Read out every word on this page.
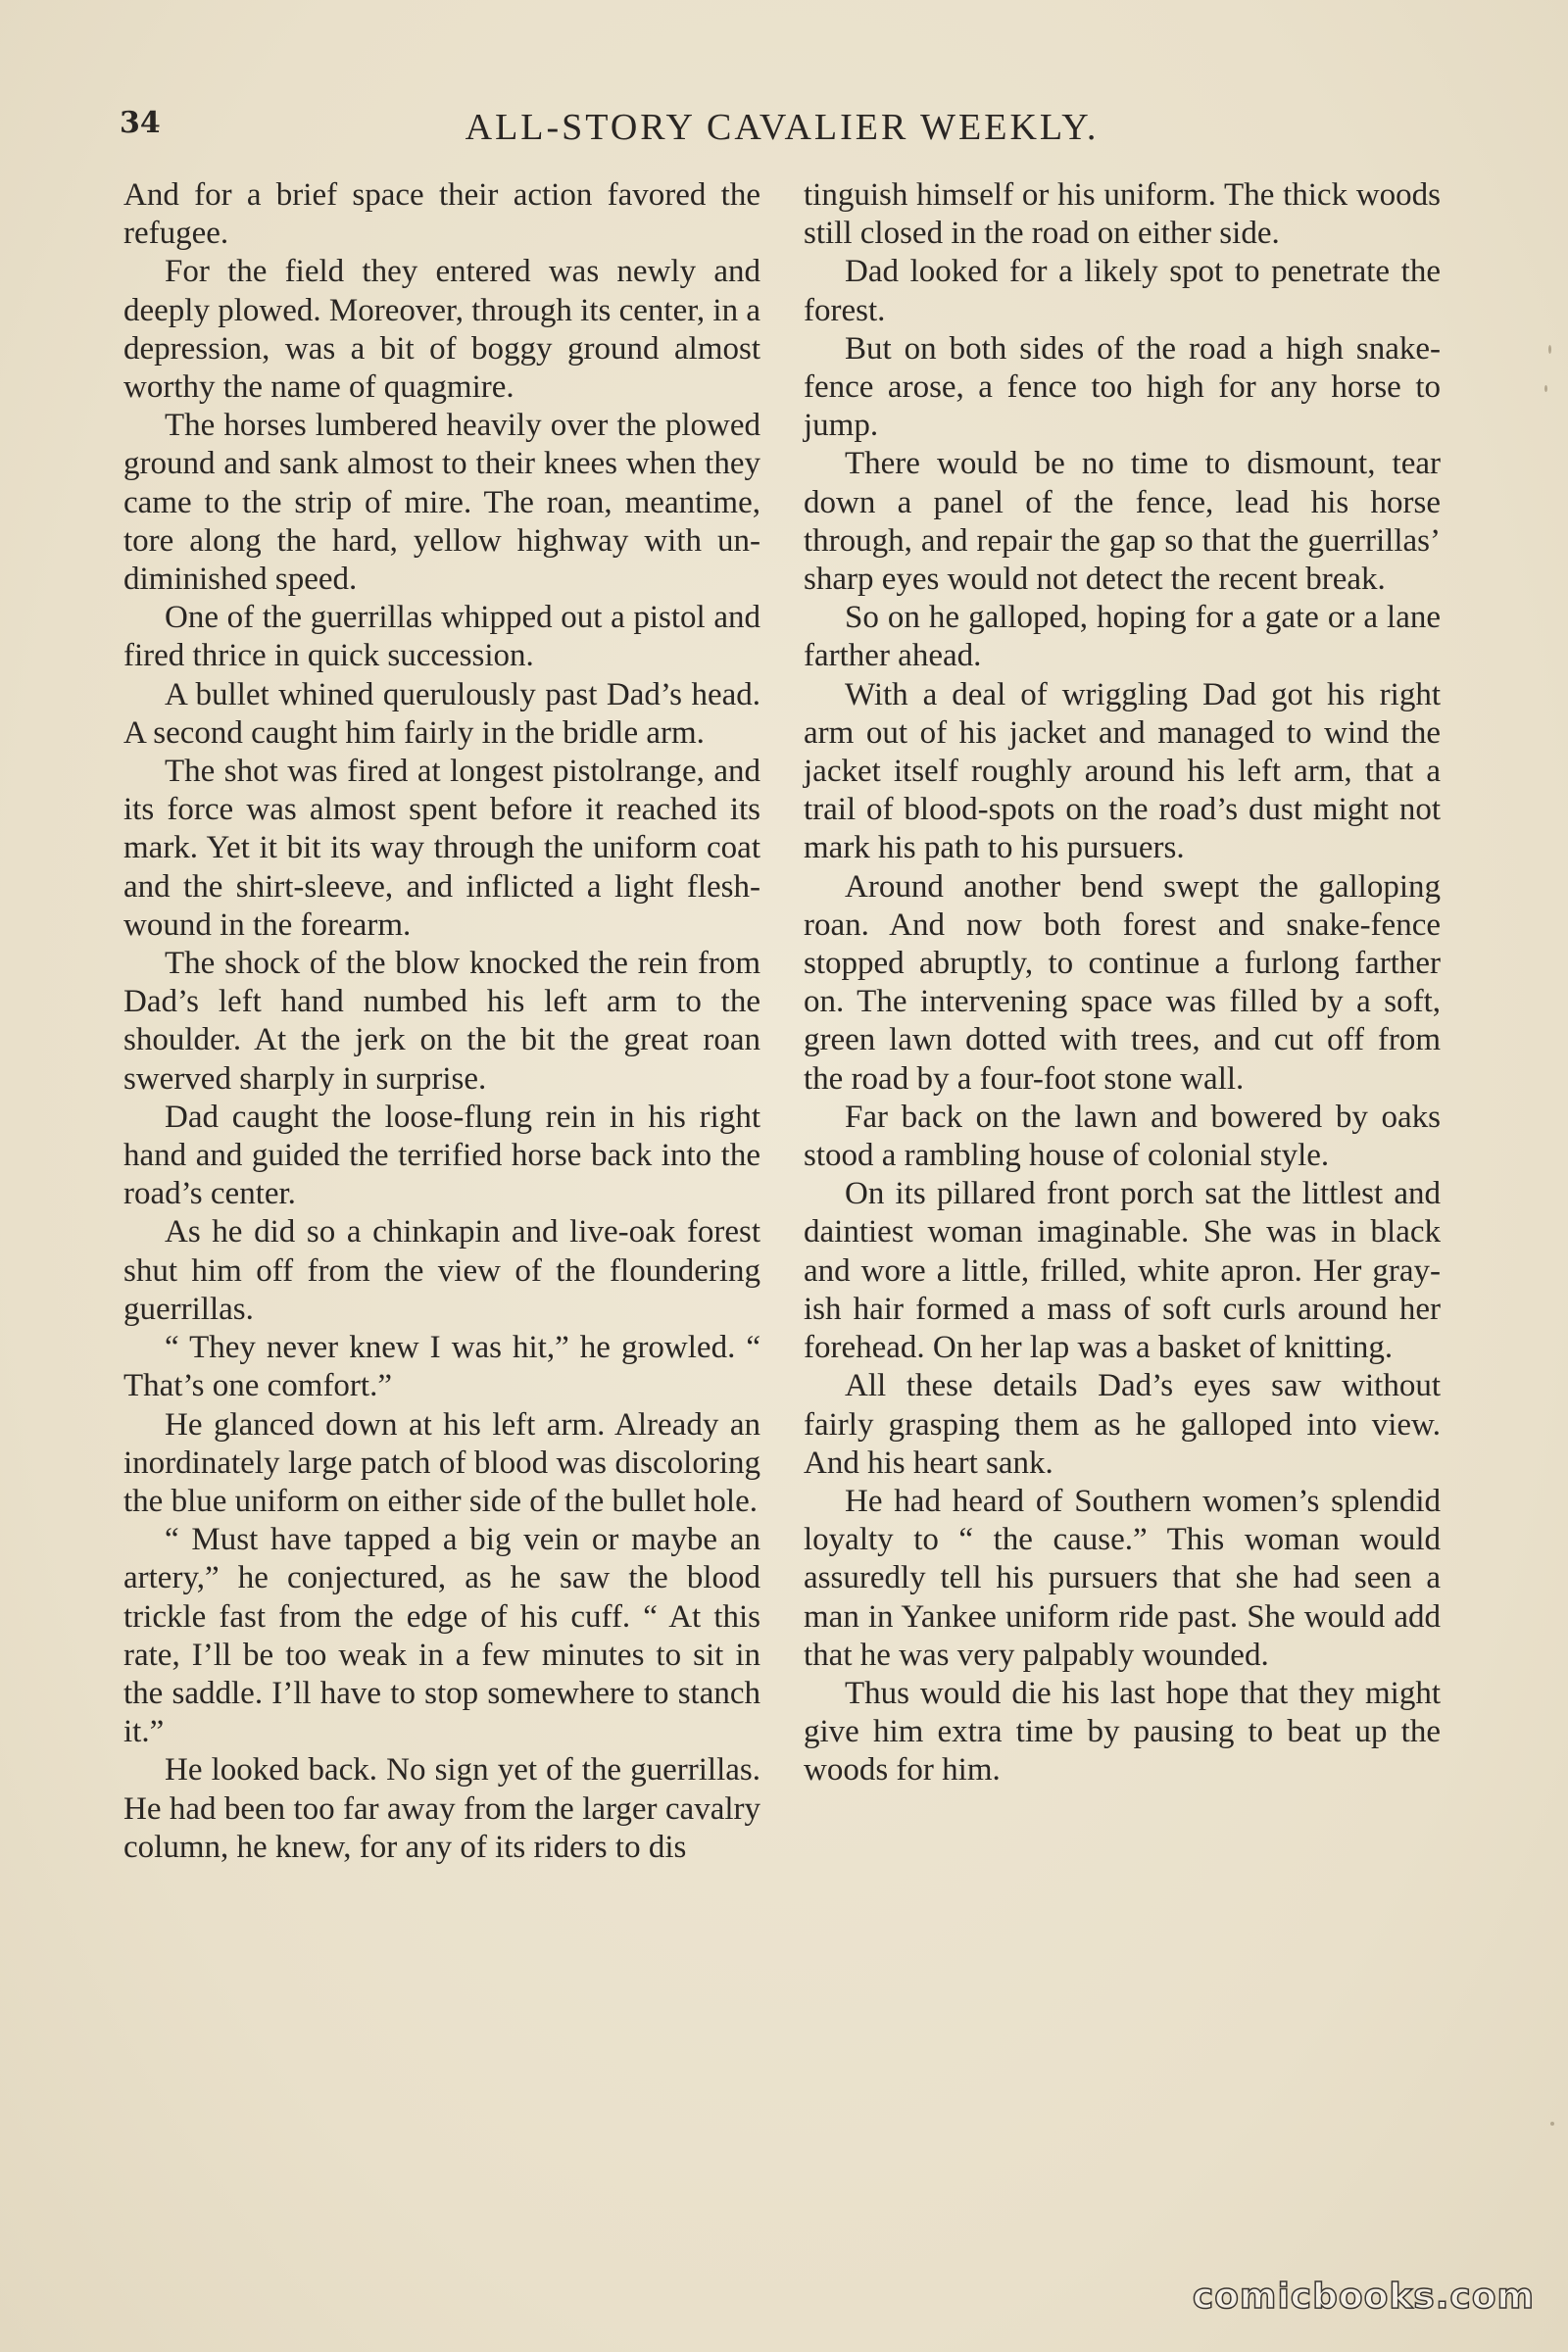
34	ALL-STORY CAVALIER WEEKLY.

And for a brief space their action favored the refugee.

For the field they entered was newly and deeply plowed. Moreover, through its center, in a depression, was a bit of boggy ground almost worthy the name of quagmire.

The horses lumbered heavily over the plowed ground and sank almost to their knees when they came to the strip of mire. The roan, meantime, tore along the hard, yellow highway with undiminished speed.

One of the guerrillas whipped out a pistol and fired thrice in quick succession.

A bullet whined querulously past Dad’s head. A second caught him fairly in the bridle arm.

The shot was fired at longest pistolrange, and its force was almost spent before it reached its mark. Yet it bit its way through the uniform coat and the shirt-sleeve, and inflicted a light flesh-wound in the forearm.

The shock of the blow knocked the rein from Dad’s left hand numbed his left arm to the shoulder. At the jerk on the bit the great roan swerved sharply in surprise.

Dad caught the loose-flung rein in his right hand and guided the terrified horse back into the road’s center.

As he did so a chinkapin and live-oak forest shut him off from the view of the floundering guerrillas.

“ They never knew I was hit,” he growled. “ That’s one comfort.”

He glanced down at his left arm. Already an inordinately large patch of blood was discoloring the blue uniform on either side of the bullet hole.

“ Must have tapped a big vein or maybe an artery,” he conjectured, as he saw the blood trickle fast from the edge of his cuff. “ At this rate, I’ll be too weak in a few minutes to sit in the saddle. I’ll have to stop somewhere to stanch it.”

He looked back. No sign yet of the guerrillas. He had been too far away from the larger cavalry column, he knew, for any of its riders to dis

tinguish himself or his uniform. The thick woods still closed in the road on either side.

Dad looked for a likely spot to penetrate the forest.

But on both sides of the road a high snake-fence arose, a fence too high for any horse to jump.

There would be no time to dismount, tear down a panel of the fence, lead his horse through, and repair the gap so that the guerrillas’ sharp eyes would not detect the recent break.

So on he galloped, hoping for a gate or a lane farther ahead.

With a deal of wriggling Dad got his right arm out of his jacket and managed to wind the jacket itself roughly around his left arm, that a trail of blood-spots on the road’s dust might not mark his path to his pursuers.

Around another bend swept the galloping roan. And now both forest and snake-fence stopped abruptly, to continue a furlong farther on. The intervening space was filled by a soft, green lawn dotted with trees, and cut off from the road by a four-foot stone wall.

Far back on the lawn and bowered by oaks stood a rambling house of colonial style.

On its pillared front porch sat the littlest and daintiest woman imaginable. She was in black and wore a little, frilled, white apron. Her grayish hair formed a mass of soft curls around her forehead. On her lap was a basket of knitting.

All these details Dad’s eyes saw without fairly grasping them as he galloped into view. And his heart sank.

He had heard of Southern women’s splendid loyalty to “ the cause.” This woman would assuredly tell his pursuers that she had seen a man in Yankee uniform ride past. She would add that he was very palpably wounded.

Thus would die his last hope that they might give him extra time by pausing to beat up the woods for him.

comicbooks.com
